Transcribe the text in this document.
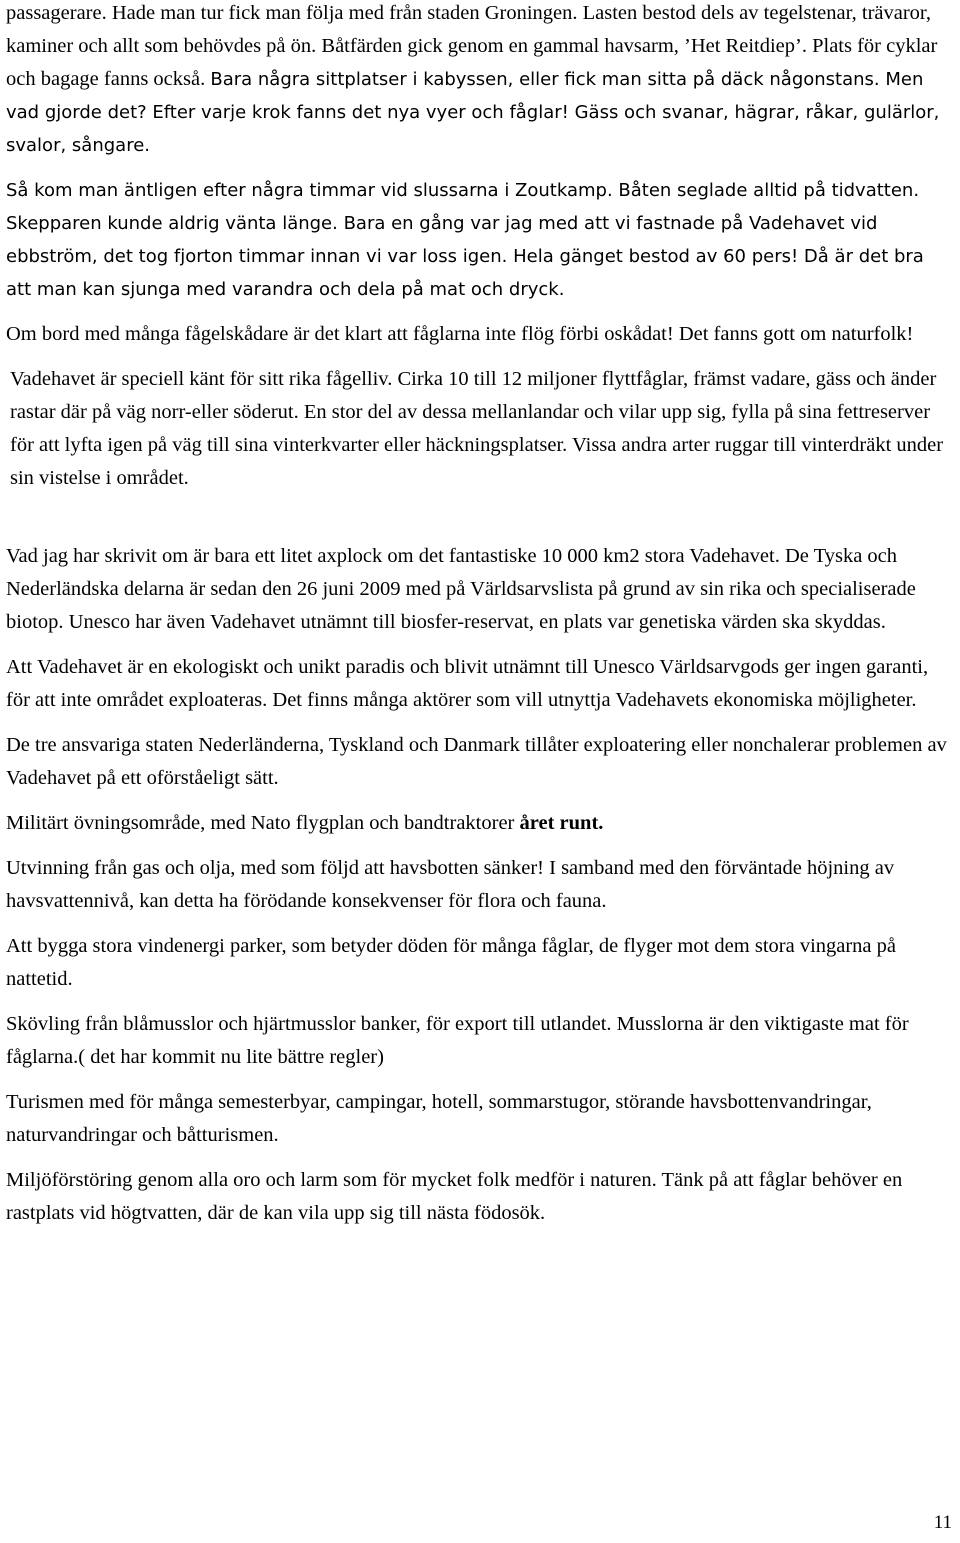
passagerare. Hade man tur fick man följa med från staden Groningen. Lasten bestod dels av tegelstenar, trävaror, kaminer och allt som behövdes på ön. Båtfärden gick genom en gammal havsarm, ’Het Reitdiep’. Plats för cyklar och bagage fanns också. Bara några sittplatser i kabyssen, eller fick man sitta på däck någonstans. Men vad gjorde det? Efter varje krok fanns det nya vyer och fåglar! Gäss och svanar, hägrar, råkar, gulärlor, svalor, sångare.

Så kom man äntligen efter några timmar vid slussarna i Zoutkamp. Båten seglade alltid på tidvatten. Skepparen kunde aldrig vänta länge. Bara en gång var jag med att vi fastnade på Vadehavet vid ebbström, det tog fjorton timmar innan vi var loss igen. Hela gänget bestod av 60 pers! Då är det bra att man kan sjunga med varandra och dela på mat och dryck.

Om bord med många fågelskådare är det klart att fåglarna inte flög förbi oskådat! Det fanns gott om naturfolk!

Vadehavet är speciell känt för sitt rika fågelliv. Cirka 10 till 12 miljoner flyttfåglar, främst vadare, gäss och änder rastar där på väg norr-eller söderut. En stor del av dessa mellanlandar och vilar upp sig, fylla på sina fettreserver för att lyfta igen på väg till sina vinterkvarter eller häckningsplatser. Vissa andra arter ruggar till vinterdräkt under sin vistelse i området.

Vad jag har skrivit om är bara ett litet axplock om det fantastiske 10 000 km2 stora Vadehavet. De Tyska och Nederländska delarna är sedan den 26 juni 2009 med på Världsarvslista på grund av sin rika och specialiserade biotop. Unesco har även Vadehavet utnämnt till biosfer-reservat, en plats var genetiska värden ska skyddas.

Att Vadehavet är en ekologiskt och unikt paradis och blivit utnämnt till Unesco Världsarvgods ger ingen garanti, för att inte området exploateras. Det finns många aktörer som vill utnyttja Vadehavets ekonomiska möjligheter.

De tre ansvariga staten Nederländerna, Tyskland och Danmark tillåter exploatering eller nonchalerar problemen av Vadehavet på ett oförståeligt sätt.

Militärt övningsområde, med Nato flygplan och bandtraktorer året runt.

Utvinning från gas och olja, med som följd att havsbotten sänker! I samband med den förväntade höjning av havsvattennivå, kan detta ha förödande konsekvenser för flora och fauna.

Att bygga stora vindenergi parker, som betyder döden för många fåglar, de flyger mot dem stora vingarna på nattetid.

Skövling från blåmusslor och hjärtmusslor banker, för export till utlandet. Musslorna är den viktigaste mat för fåglarna.( det har kommit nu lite bättre regler)

Turismen med för många semesterbyar, campingar, hotell, sommarstugor, störande havsbottenvandringar, naturvandringar och båtturismen.

Miljöförstöring genom alla oro och larm som för mycket folk medför i naturen. Tänk på att fåglar behöver en rastplats vid högtvatten, där de kan vila upp sig till nästa födosök.

11
